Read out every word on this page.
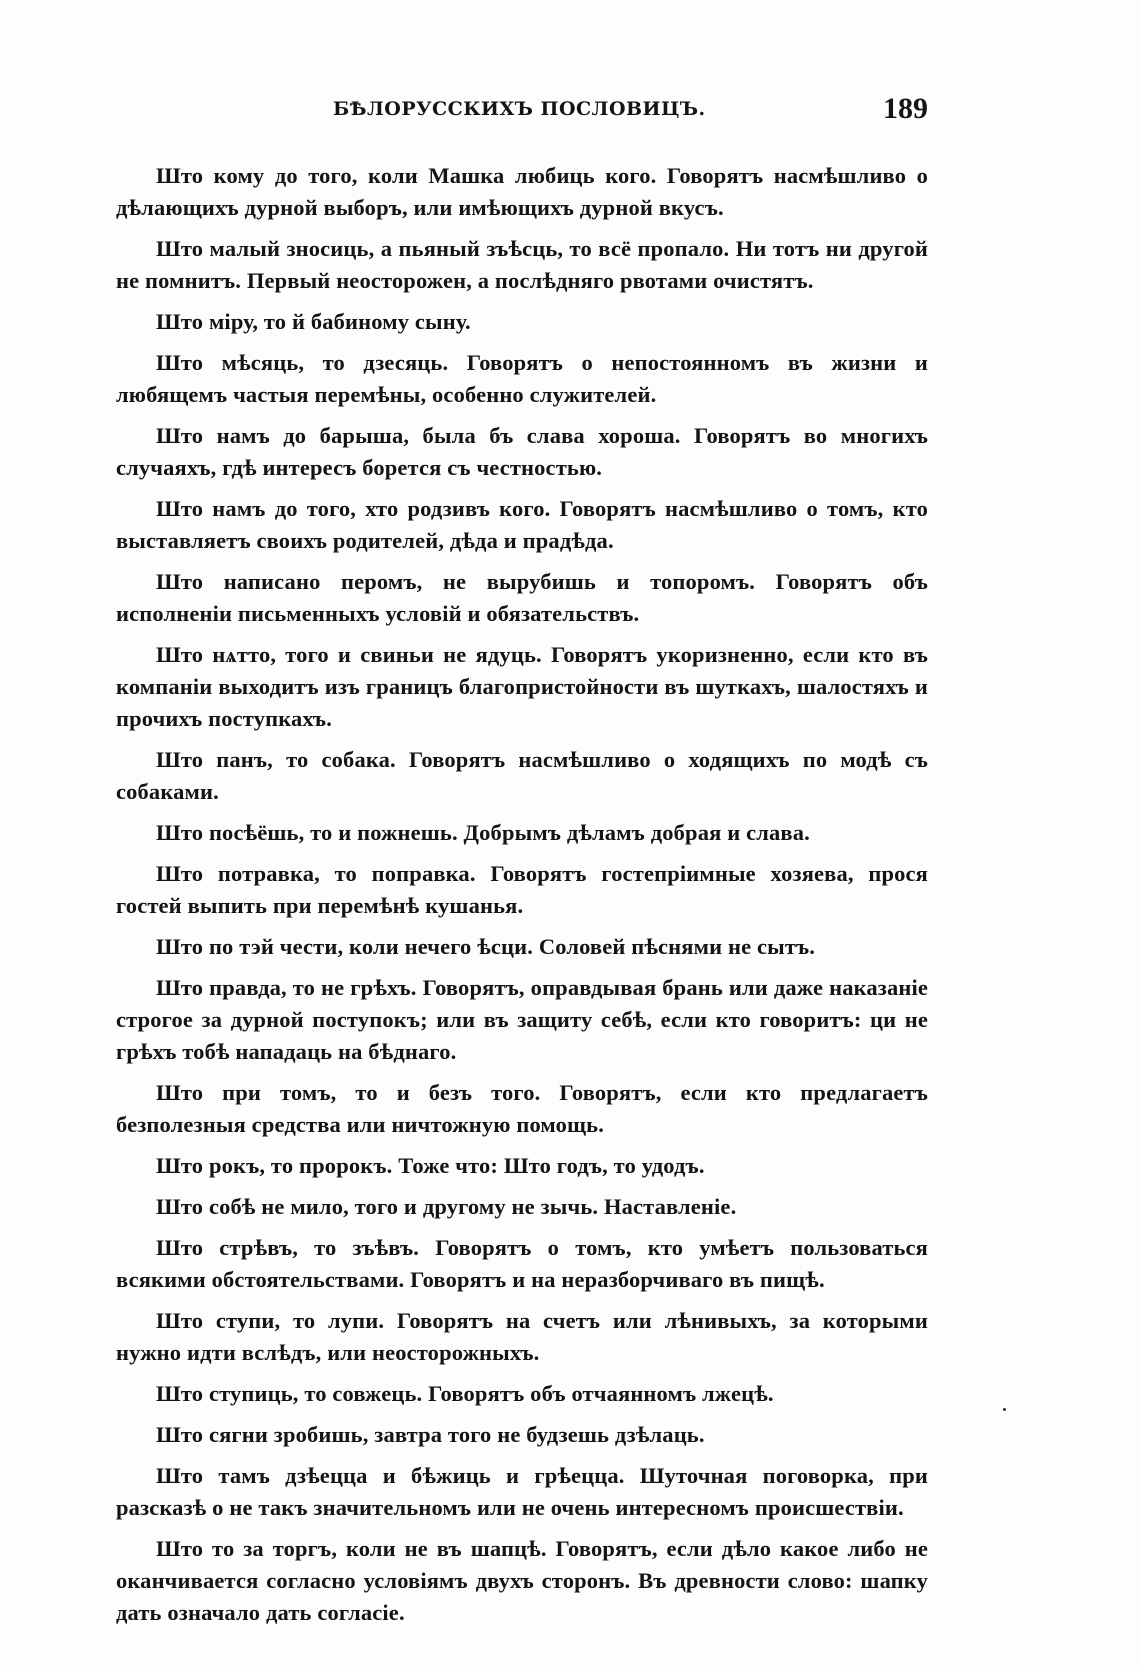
БѢЛОРУССКИХЪ ПОСЛОВИЦЪ.	189

Што кому до того, коли Машка любиць кого. Говорятъ насмѣшливо о дѣлающихъ дурной выборъ, или имѣющихъ дурной вкусъ.

Што малый зносиць, а пьяный зъѣсць, то всё пропало. Ни тотъ ни другой не помнитъ. Первый неосторожен, а послѣдняго рвотами очистятъ.

Што міру, то й бабиному сыну.

Што мѣсяць, то дзесяць. Говорятъ о непостоянномъ въ жизни и любящемъ частыя перемѣны, особенно служителей.

Што намъ до барыша, была бъ слава хороша. Говорятъ во многихъ случаяхъ, гдѣ интересъ борется съ честностью.

Што намъ до того, хто родзивъ кого. Говорятъ насмѣшливо о томъ, кто выставляетъ своихъ родителей, дѣда и прадѣда.

Што написано перомъ, не вырубишь и топоромъ. Говорятъ объ исполненіи письменныхъ условій и обязательствъ.

Што нѧтто, того и свиньи не ядуць. Говорятъ укоризненно, если кто въ компаніи выходитъ изъ границъ благопристойности въ шуткахъ, шалостяхъ и прочихъ поступкахъ.

Што панъ, то собака. Говорятъ насмѣшливо о ходящихъ по модѣ съ собаками.

Што посѣёшь, то и пожнешь. Добрымъ дѣламъ добрая и слава.

Што потравка, то поправка. Говорятъ гостепріимные хозяева, прося гостей выпить при перемѣнѣ кушанья.

Што по тэй чести, коли нечего ѣсци. Соловей пѣснями не сытъ.

Што правда, то не грѣхъ. Говорятъ, оправдывая брань или даже наказаніе строгое за дурной поступокъ; или въ защиту себѣ, если кто говоритъ: ци не грѣхъ тобѣ нападаць на бѣднаго.

Што при томъ, то и безъ того. Говорятъ, если кто предлагаетъ безполезныя средства или ничтожную помощь.

Што рокъ, то пророкъ. Тоже что: Што годъ, то удодъ.

Што собѣ не мило, того и другому не зычь. Наставленіе.

Што стрѣвъ, то зъѣвъ. Говорятъ о томъ, кто умѣетъ пользоваться всякими обстоятельствами. Говорятъ и на неразборчиваго въ пищѣ.

Што ступи, то лупи. Говорятъ на счетъ или лѣнивыхъ, за которыми нужно идти вслѣдъ, или неосторожныхъ.

Што ступиць, то совжець. Говорятъ объ отчаянномъ лжецѣ.

Што сягни зробишь, завтра того не будзешь дзѣлаць.

Што тамъ дзѣецца и бѣжиць и грѣецца. Шуточная поговорка, при разсказѣ о не такъ значительномъ или не очень интересномъ происшествіи.

Што то за торгъ, коли не въ шапцѣ. Говорятъ, если дѣло какое либо не оканчивается согласно условіямъ двухъ сторонъ. Въ древности слово: шапку дать означало дать согласіе.
